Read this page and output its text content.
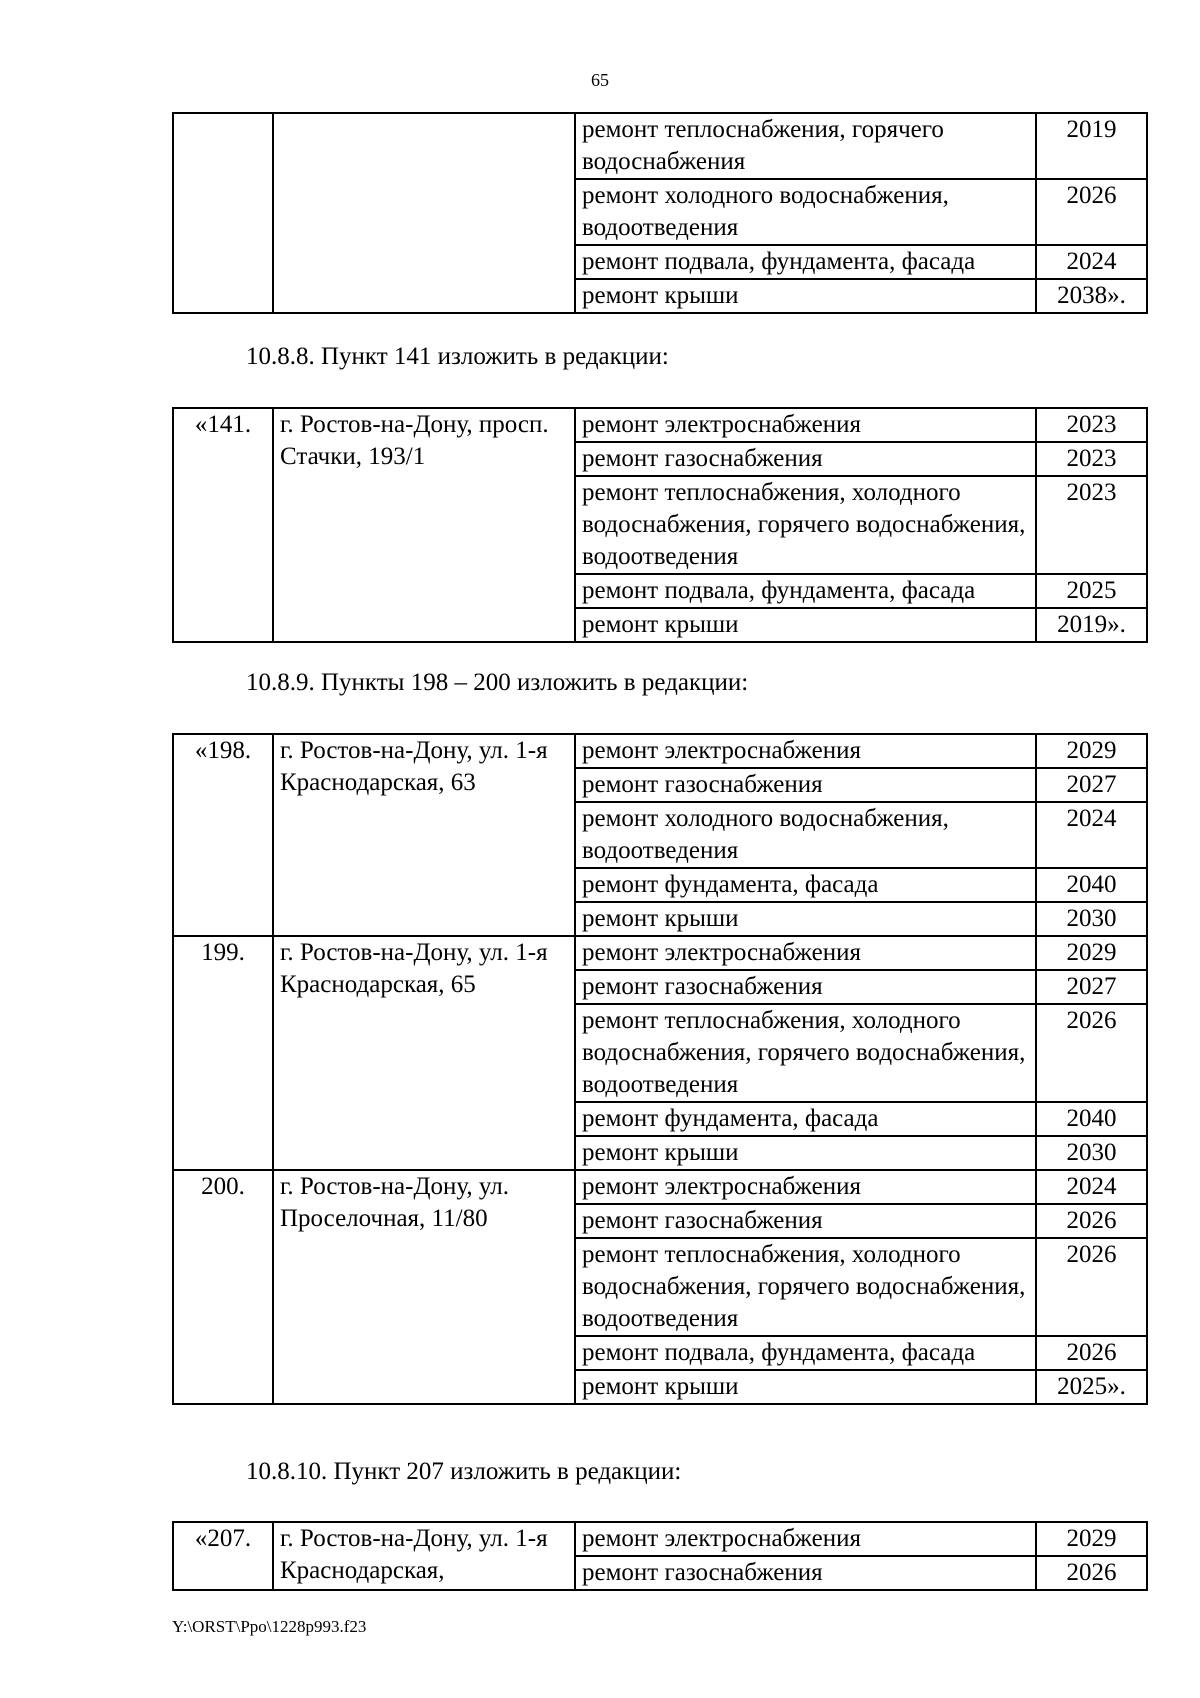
65
		ремонт теплоснабжения, горячего водоснабжения	2019
		ремонт холодного водоснабжения, водоотведения	2026
		ремонт подвала, фундамента, фасада	2024
		ремонт крыши	2038».
10.8.8. Пункт 141 изложить в редакции:
«141.	г. Ростов-на-Дону, просп. Стачки, 193/1	ремонт электроснабжения	2023
		ремонт газоснабжения	2023
		ремонт теплоснабжения, холодного водоснабжения, горячего водоснабжения, водоотведения	2023
		ремонт подвала, фундамента, фасада	2025
		ремонт крыши	2019».
10.8.9. Пункты 198 – 200 изложить в редакции:
«198.	г. Ростов-на-Дону, ул. 1-я Краснодарская, 63	ремонт электроснабжения	2029
		ремонт газоснабжения	2027
		ремонт холодного водоснабжения, водоотведения	2024
		ремонт фундамента, фасада	2040
		ремонт крыши	2030
199.	г. Ростов-на-Дону, ул. 1-я Краснодарская, 65	ремонт электроснабжения	2029
		ремонт газоснабжения	2027
		ремонт теплоснабжения, холодного водоснабжения, горячего водоснабжения, водоотведения	2026
		ремонт фундамента, фасада	2040
		ремонт крыши	2030
200.	г. Ростов-на-Дону, ул. Проселочная, 11/80	ремонт электроснабжения	2024
		ремонт газоснабжения	2026
		ремонт теплоснабжения, холодного водоснабжения, горячего водоснабжения, водоотведения	2026
		ремонт подвала, фундамента, фасада	2026
		ремонт крыши	2025».
10.8.10. Пункт 207 изложить в редакции:
«207.	г. Ростов-на-Дону, ул. 1-я Краснодарская,	ремонт электроснабжения	2029
		ремонт газоснабжения	2026
Y:\ORST\Ppo\1228p993.f23
